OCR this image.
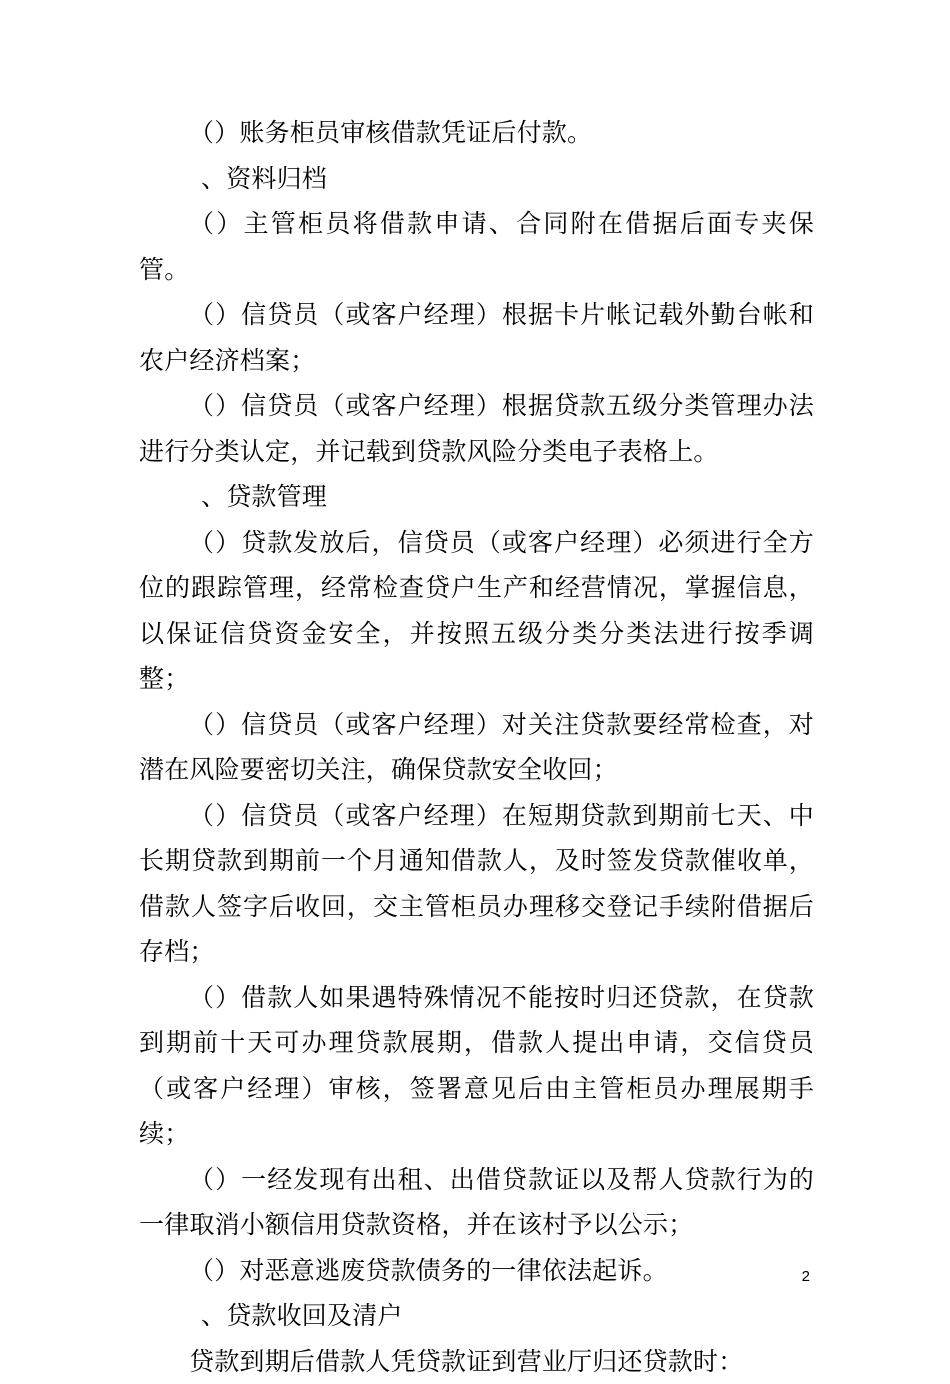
（）账务柜员审核借款凭证后付款。

、资料归档

（）主管柜员将借款申请、合同附在借据后面专夹保管。

（）信贷员（或客户经理）根据卡片帐记载外勤台帐和农户经济档案；

（）信贷员（或客户经理）根据贷款五级分类管理办法进行分类认定，并记载到贷款风险分类电子表格上。

、贷款管理

（）贷款发放后，信贷员（或客户经理）必须进行全方位的跟踪管理，经常检查贷户生产和经营情况，掌握信息，以保证信贷资金安全，并按照五级分类分类法进行按季调整；

（）信贷员（或客户经理）对关注贷款要经常检查，对潜在风险要密切关注，确保贷款安全收回；

（）信贷员（或客户经理）在短期贷款到期前七天、中长期贷款到期前一个月通知借款人，及时签发贷款催收单，借款人签字后收回，交主管柜员办理移交登记手续附借据后存档；

（）借款人如果遇特殊情况不能按时归还贷款，在贷款到期前十天可办理贷款展期，借款人提出申请，交信贷员（或客户经理）审核，签署意见后由主管柜员办理展期手续；

（）一经发现有出租、出借贷款证以及帮人贷款行为的一律取消小额信用贷款资格，并在该村予以公示；

（）对恶意逃废贷款债务的一律依法起诉。

、贷款收回及清户

贷款到期后借款人凭贷款证到营业厅归还贷款时：

2
